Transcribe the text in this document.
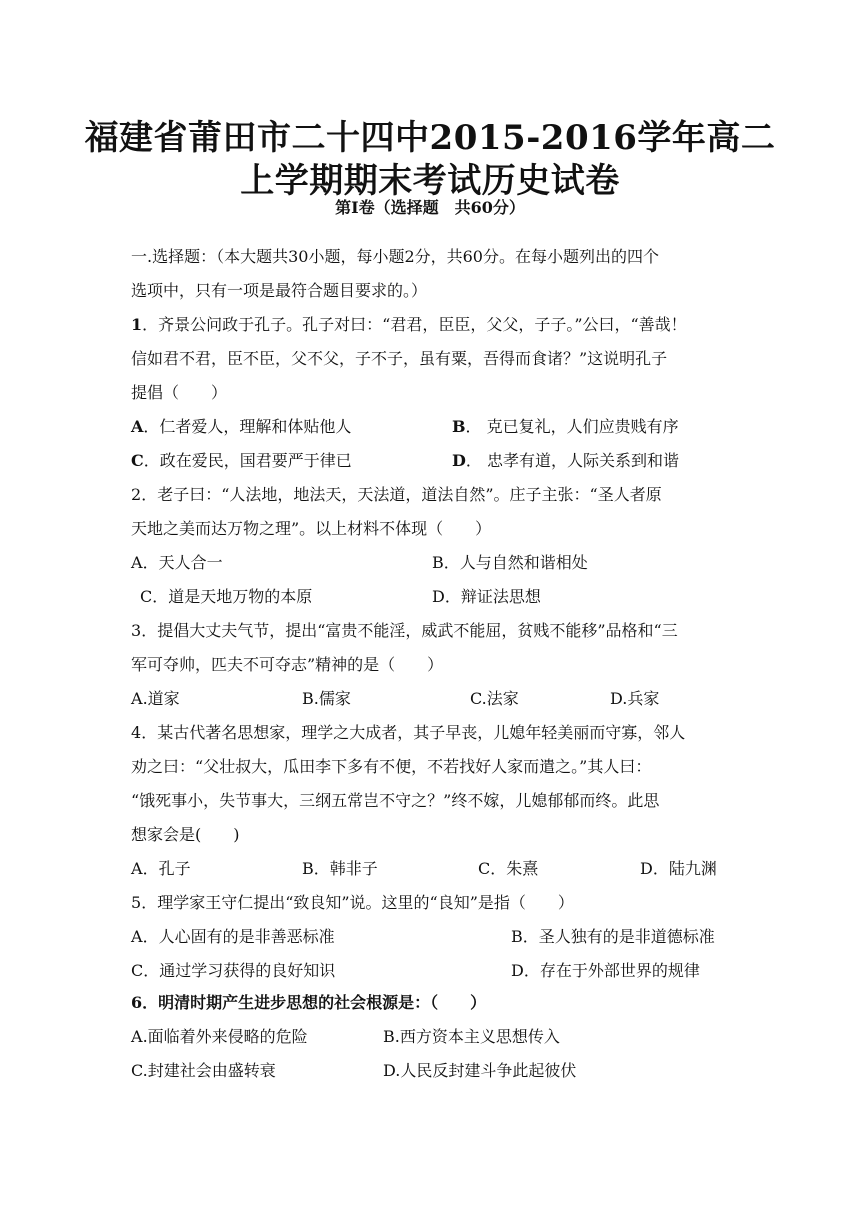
福建省莆田市二十四中2015-2016学年高二
上学期期末考试历史试卷
第Ⅰ卷（选择题　共60分）
一.选择题：（本大题共30小题，每小题2分，共60分。在每小题列出的四个
选项中，只有一项是最符合题目要求的。）
1．齐景公问政于孔子。孔子对曰：“君君，臣臣，父父，子子。”公曰，“善哉！
信如君不君，臣不臣，父不父，子不子，虽有粟，吾得而食诸？”这说明孔子
提倡（　　）
A．仁者爱人，理解和体贴他人	B． 克已复礼，人们应贵贱有序
C．政在爱民，国君要严于律已	D． 忠孝有道，人际关系到和谐
2．老子曰：“人法地，地法天，天法道，道法自然”。庄子主张：“圣人者原
天地之美而达万物之理”。以上材料不体现（　　）
A．天人合一	B．人与自然和谐相处
C．道是天地万物的本原	D．辩证法思想
3．提倡大丈夫气节，提出“富贵不能淫，威武不能屈，贫贱不能移”品格和“三
军可夺帅，匹夫不可夺志”精神的是（　　）
A.道家	B.儒家	C.法家	D.兵家
4．某古代著名思想家，理学之大成者，其子早丧，儿媳年轻美丽而守寡，邻人
劝之曰：“父壮叔大，瓜田李下多有不便，不若找好人家而遣之。”其人曰：
“饿死事小，失节事大，三纲五常岂不守之？”终不嫁，儿媳郁郁而终。此思
想家会是(　　)
A．孔子	B．韩非子	C．朱熹	D．陆九渊
5．理学家王守仁提出“致良知”说。这里的“良知”是指（　　）
A．人心固有的是非善恶标准	B．圣人独有的是非道德标准
C．通过学习获得的良好知识	D．存在于外部世界的规律
6．明清时期产生进步思想的社会根源是：（　　）
A.面临着外来侵略的危险	B.西方资本主义思想传入
C.封建社会由盛转衰	D.人民反封建斗争此起彼伏
